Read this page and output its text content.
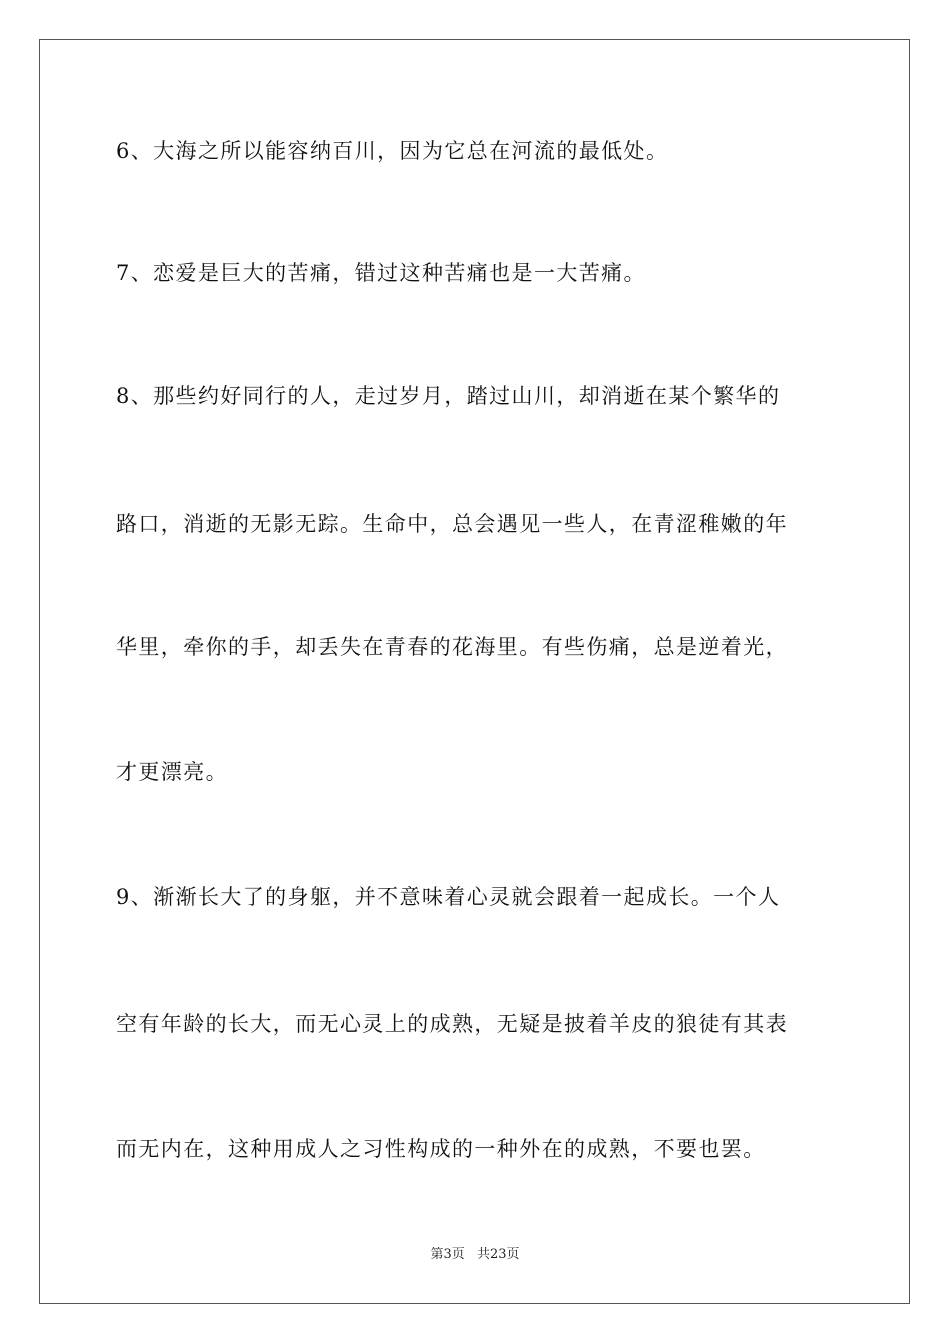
6、大海之所以能容纳百川，因为它总在河流的最低处。
7、恋爱是巨大的苦痛，错过这种苦痛也是一大苦痛。
8、那些约好同行的人，走过岁月，踏过山川，却消逝在某个繁华的
路口，消逝的无影无踪。生命中，总会遇见一些人，在青涩稚嫩的年
华里，牵你的手，却丢失在青春的花海里。有些伤痛，总是逆着光，
才更漂亮。
9、渐渐长大了的身躯，并不意味着心灵就会跟着一起成长。一个人
空有年龄的长大，而无心灵上的成熟，无疑是披着羊皮的狼徒有其表
而无内在，这种用成人之习性构成的一种外在的成熟，不要也罢。
第3页 共23页
